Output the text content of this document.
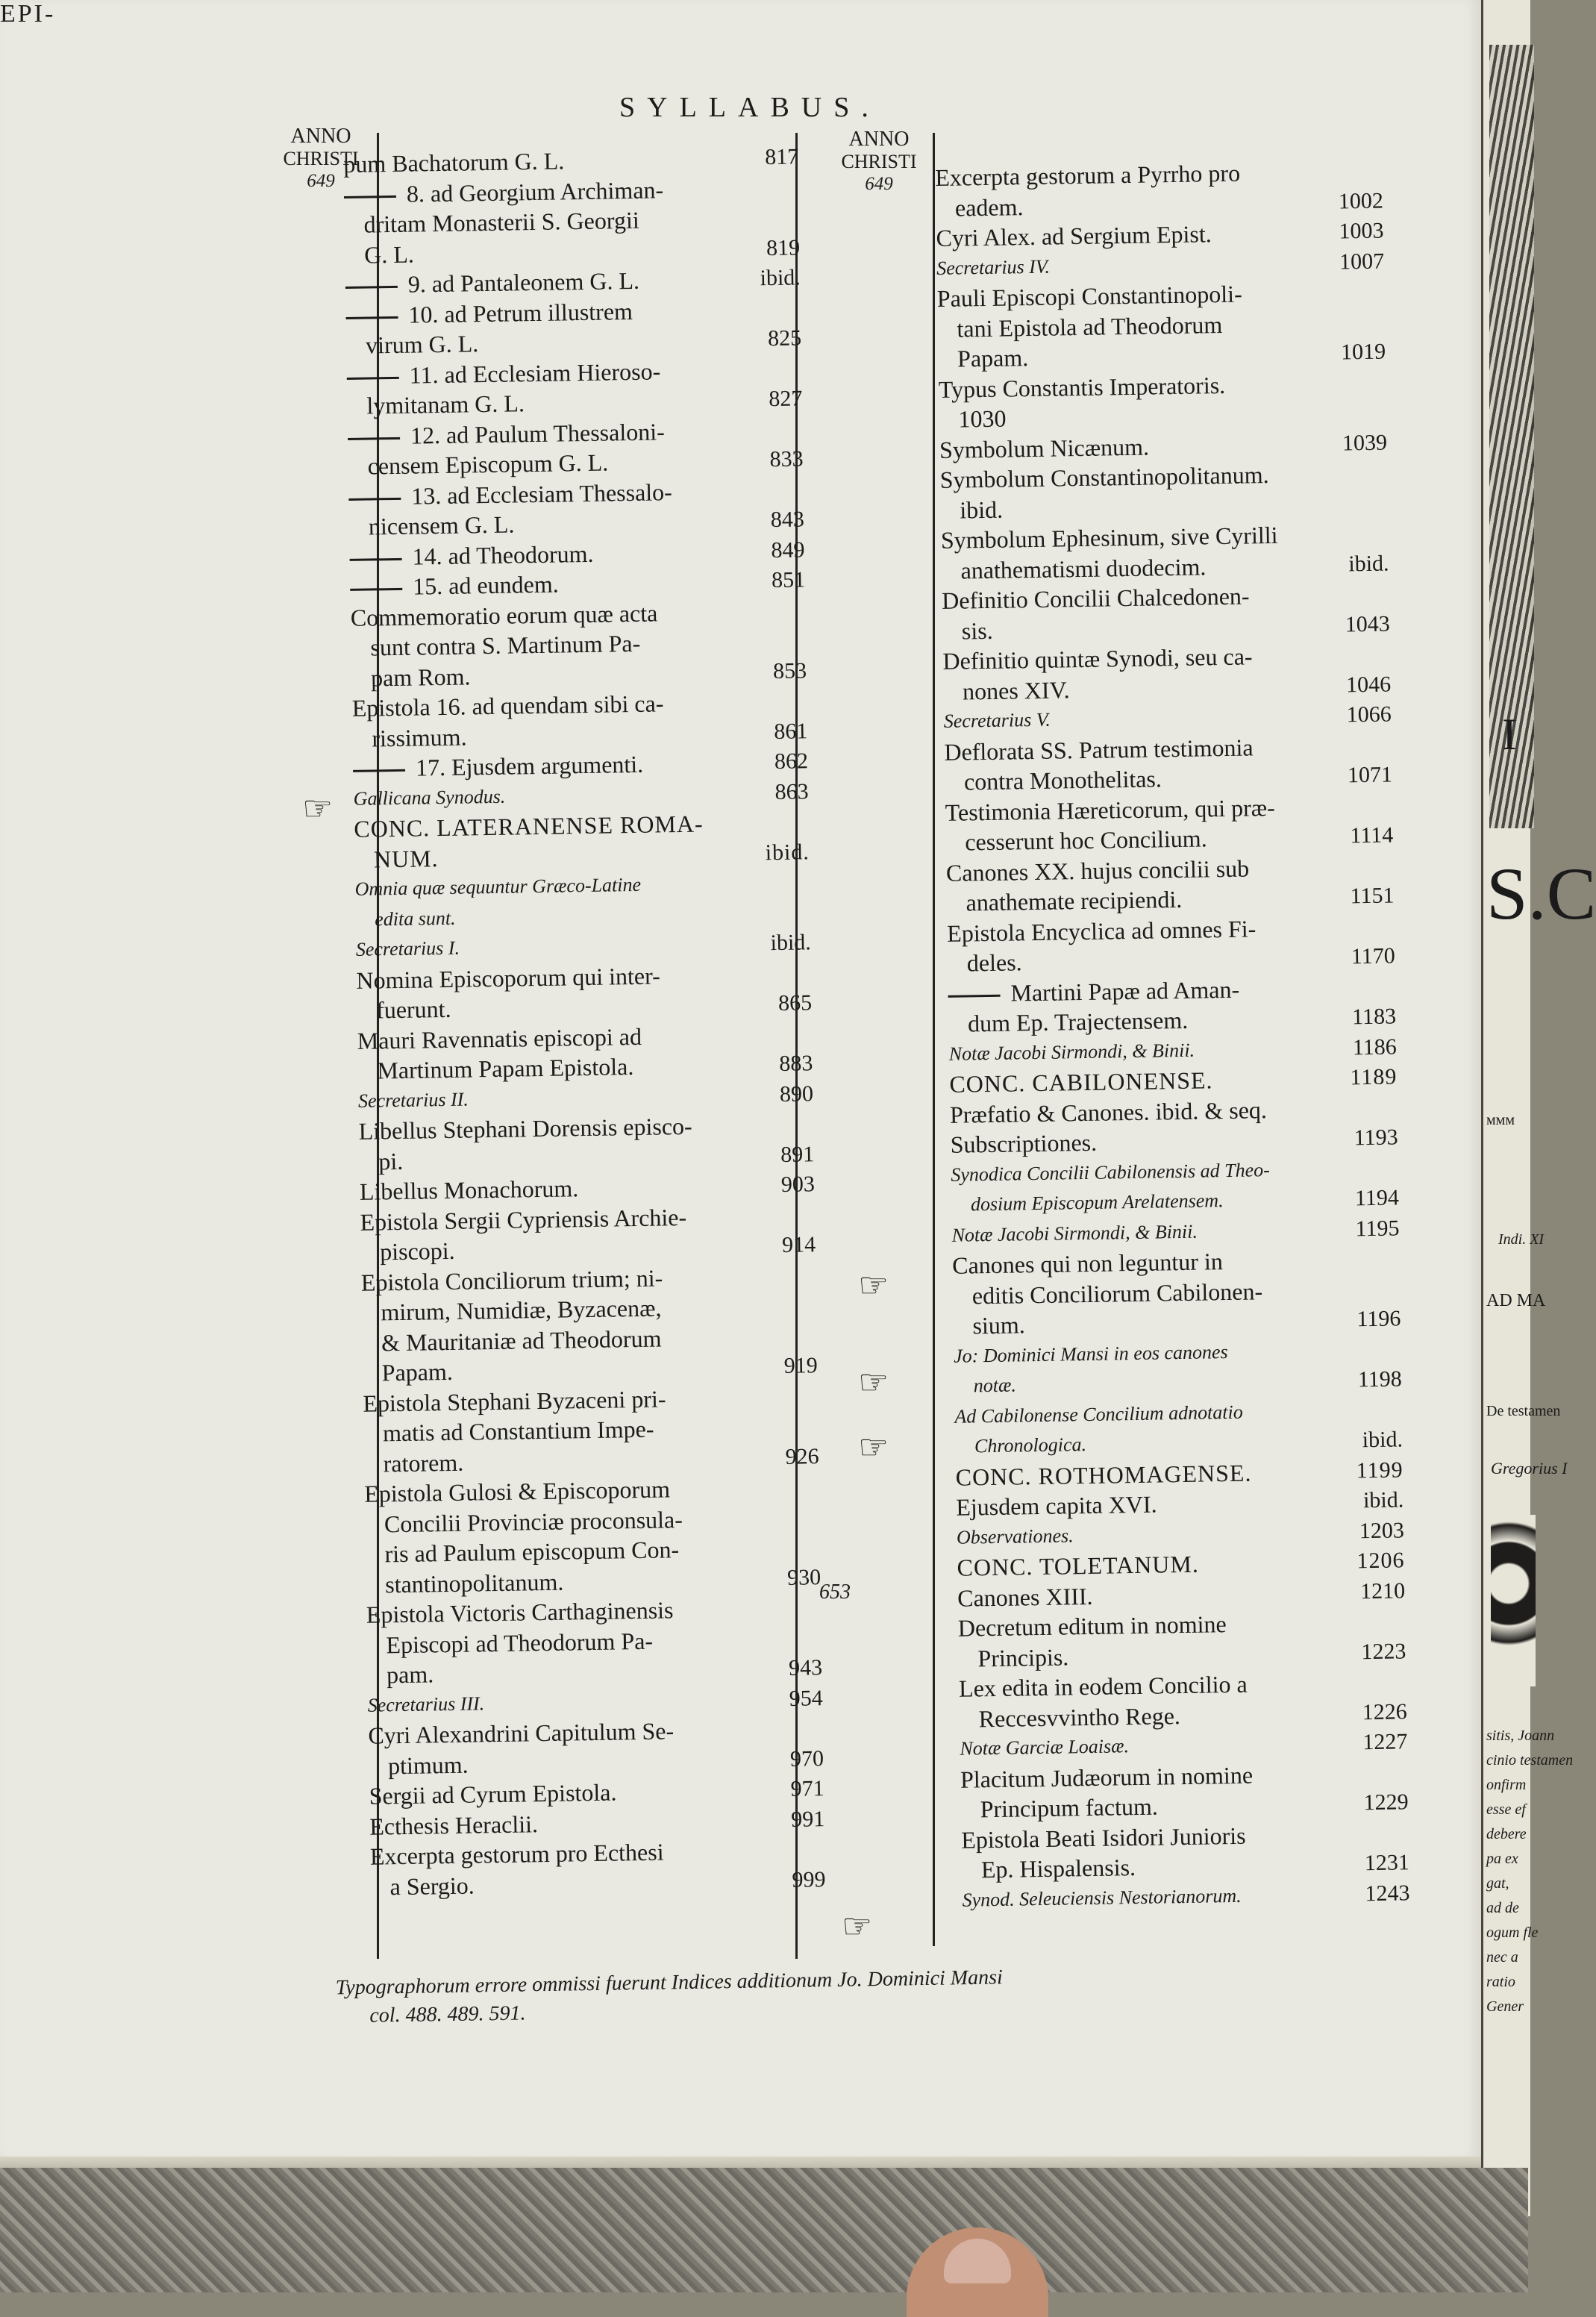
SYLLABUS.
ANNO
CHRISTI
649
ANNO
CHRISTI
649
pum Bachatorum G. L.	817
8. ad Georgium Archiman-
dritam Monasterii S. Georgii
G. L.	819
9. ad Pantaleonem G. L.	ibid.
10. ad Petrum illustrem
virum G. L.	825
11. ad Ecclesiam Hieroso-
lymitanam G. L.	827
12. ad Paulum Thessaloni-
censem Episcopum G. L.	833
13. ad Ecclesiam Thessalo-
nicensem G. L.	843
14. ad Theodorum.	849
15. ad eundem.	851
Commemoratio eorum quæ acta
sunt contra S. Martinum Pa-
pam Rom.	853
Epistola 16. ad quendam sibi ca-
rissimum.	861
17. Ejusdem argumenti.	862
Gallicana Synodus.	863
CONC. LATERANENSE ROMA-
NUM.	ibid.
Omnia quæ sequuntur Græco-Latine
edita sunt.
Secretarius I.	ibid.
Nomina Episcoporum qui inter-
fuerunt.	865
Mauri Ravennatis episcopi ad
Martinum Papam Epistola.	883
Secretarius II.	890
Libellus Stephani Dorensis episco-
pi.	891
Libellus Monachorum.	903
Epistola Sergii Cypriensis Archie-
piscopi.	914
Epistola Conciliorum trium; ni-
mirum, Numidiæ, Byzacenæ,
& Mauritaniæ ad Theodorum
Papam.	919
Epistola Stephani Byzaceni pri-
matis ad Constantium Impe-
ratorem.	926
Epistola Gulosi & Episcoporum
Concilii Provinciæ proconsula-
ris ad Paulum episcopum Con-
stantinopolitanum.	930
Epistola Victoris Carthaginensis
Episcopi ad Theodorum Pa-
pam.	943
Secretarius III.	954
Cyri Alexandrini Capitulum Se-
ptimum.	970
Sergii ad Cyrum Epistola.	971
Ecthesis Heraclii.	991
Excerpta gestorum pro Ecthesi
a Sergio.	999
Excerpta gestorum a Pyrrho pro
eadem.	1002
Cyri Alex. ad Sergium Epist.	1003
Secretarius IV.	1007
Pauli Episcopi Constantinopoli-
tani Epistola ad Theodorum
Papam.	1019
Typus Constantis Imperatoris.
1030
Symbolum Nicænum.	1039
Symbolum Constantinopolitanum.
ibid.
Symbolum Ephesinum, sive Cyrilli
anathematismi duodecim.	ibid.
Definitio Concilii Chalcedonen-
sis.	1043
Definitio quintæ Synodi, seu ca-
nones XIV.	1046
Secretarius V.	1066
Deflorata SS. Patrum testimonia
contra Monothelitas.	1071
Testimonia Hæreticorum, qui præ-
cesserunt hoc Concilium.	1114
Canones XX. hujus concilii sub
anathemate recipiendi.	1151
Epistola Encyclica ad omnes Fi-
deles.	1170
Martini Papæ ad Aman-
dum Ep. Trajectensem.	1183
Notæ Jacobi Sirmondi, & Binii.	1186
CONC. CABILONENSE.	1189
Præfatio & Canones. ibid. & seq.
Subscriptiones.	1193
Synodica Concilii Cabilonensis ad Theo-
dosium Episcopum Arelatensem.	1194
Notæ Jacobi Sirmondi, & Binii.	1195
Canones qui non leguntur in
editis Conciliorum Cabilonen-
sium.	1196
Jo: Dominici Mansi in eos canones
notæ.	1198
Ad Cabilonense Concilium adnotatio
Chronologica.	ibid.
CONC. ROTHOMAGENSE.	1199
Ejusdem capita XVI.	ibid.
Observationes.	1203
CONC. TOLETANUM.	1206
Canones XIII.	1210
Decretum editum in nomine
Principis.	1223
Lex edita in eodem Concilio a
Reccesvvintho Rege.	1226
Notæ Garciæ Loaisæ.	1227
Placitum Judæorum in nomine
Principum factum.	1229
Epistola Beati Isidori Junioris
Ep. Hispalensis.	1231
Synod. Seleuciensis Nestorianorum.	1243
☞
☞
☞
☞
☞
653
Typographorum errore ommissi fuerunt Indices additionum Jo. Dominici Mansi
col. 488. 489. 591.
EPI-
I
S.C
ᴍᴍᴍ
Indi. XI
AD MA
De testamen
Gregorius I
sitis, Joann
cinio testamen
onfirm
esse ef
debere
pa ex
gat,
ad de
ogum fle
nec a
ratio
Gener
